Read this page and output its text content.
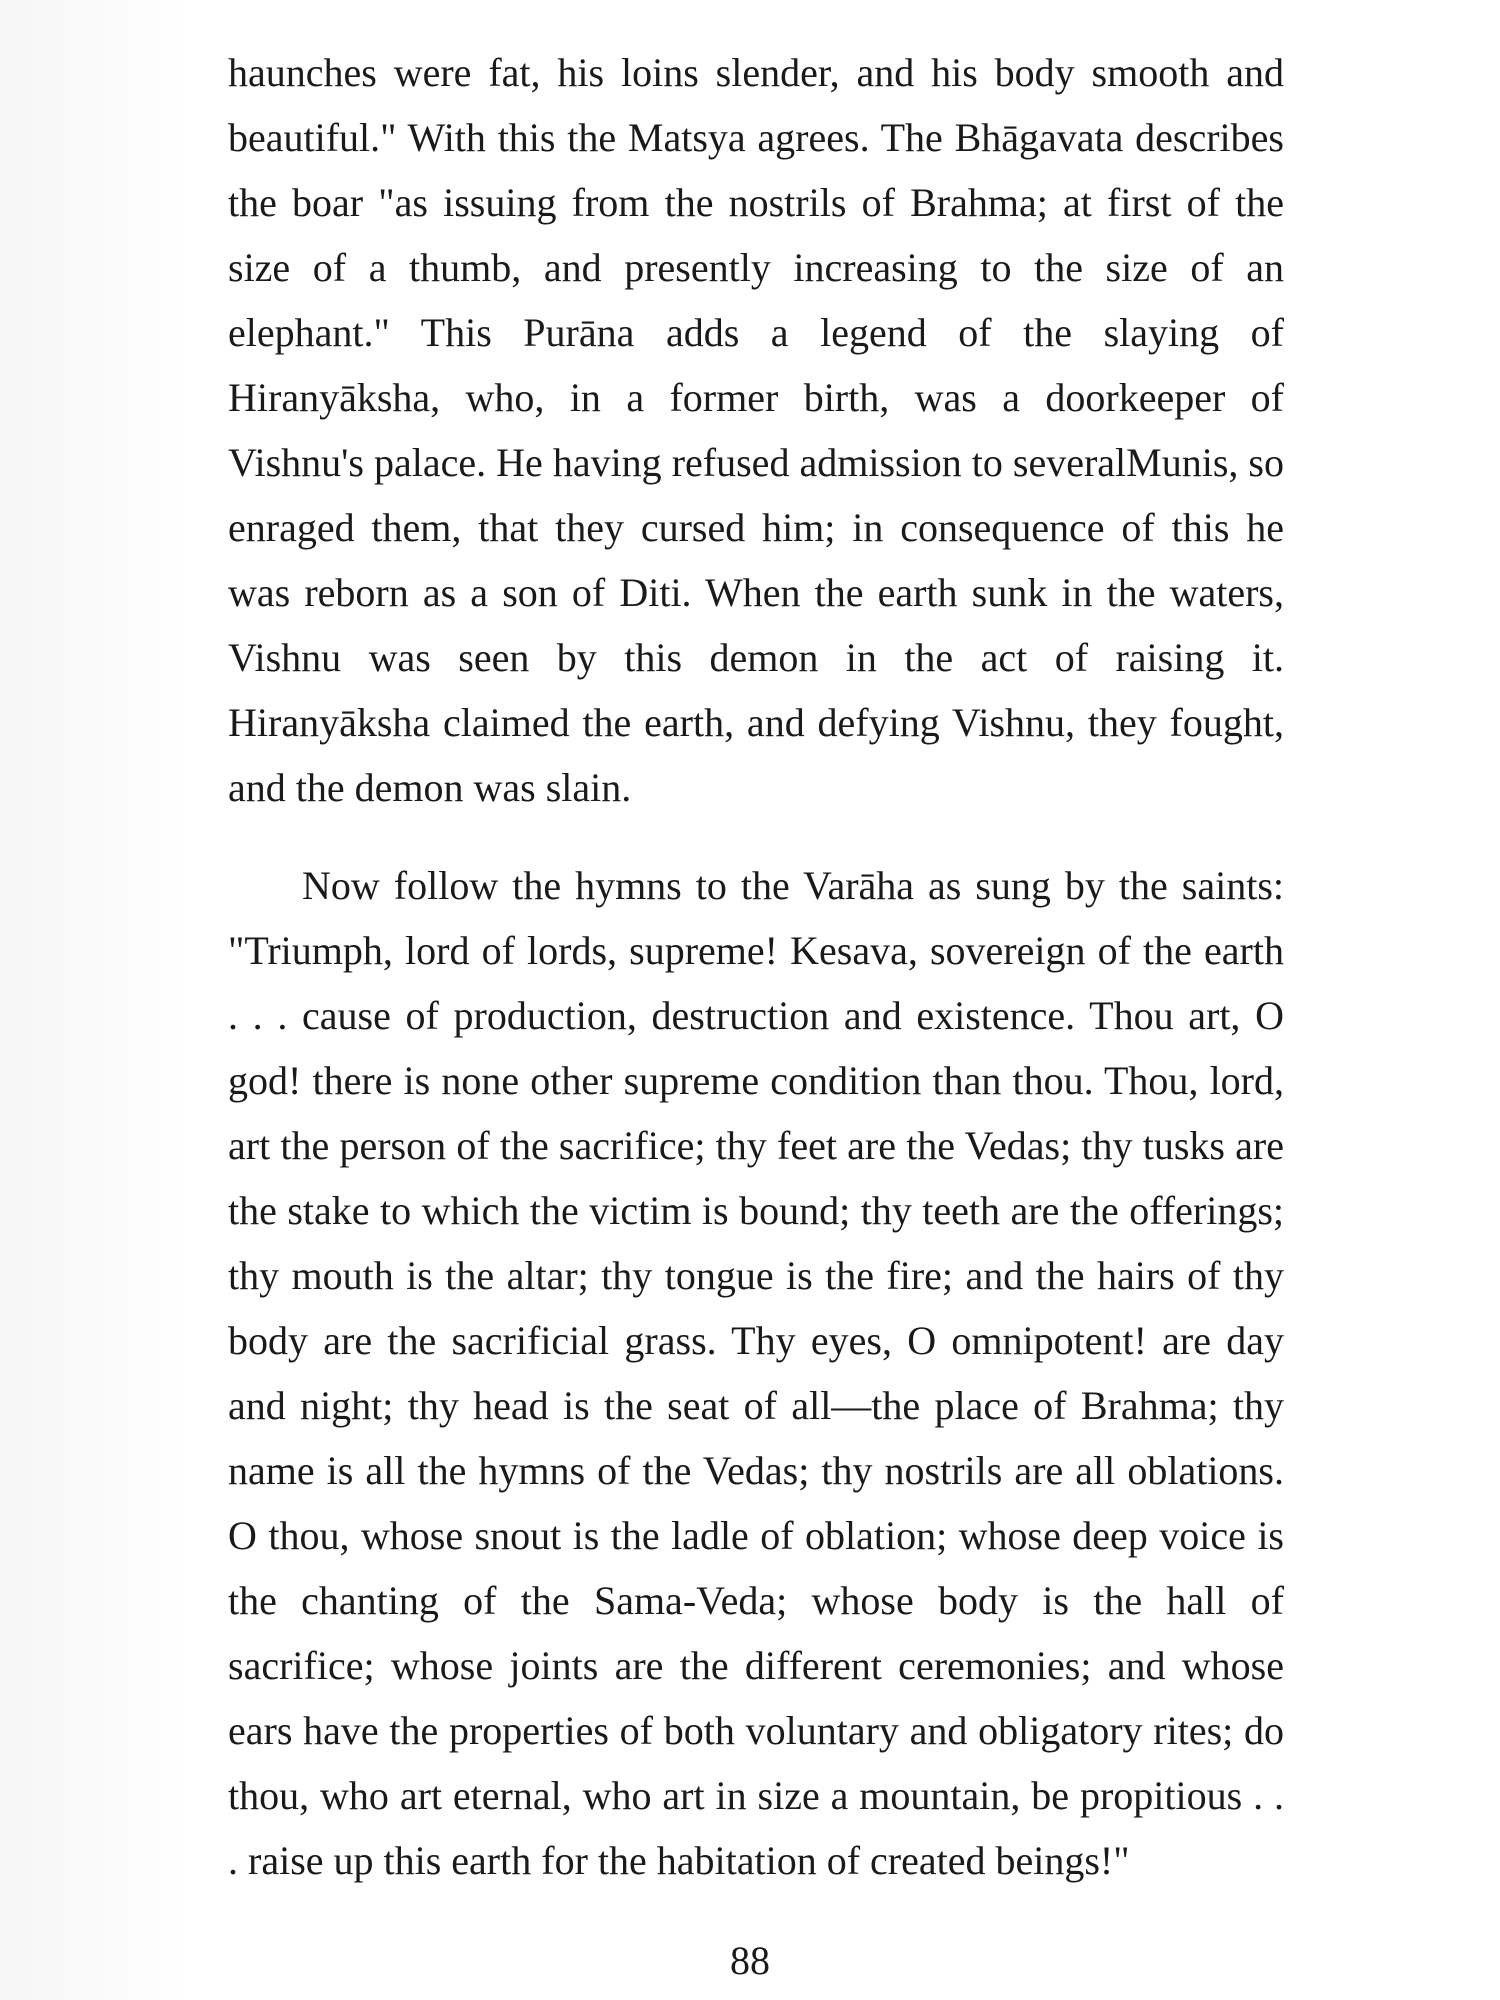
haunches were fat, his loins slender, and his body smooth and beautiful." With this the Matsya agrees. The Bhāgavata describes the boar "as issuing from the nostrils of Brahma; at first of the size of a thumb, and presently increasing to the size of an elephant." This Purāna adds a legend of the slaying of Hiranyāksha, who, in a former birth, was a doorkeeper of Vishnu's palace. He having refused admission to severalMunis, so enraged them, that they cursed him; in consequence of this he was reborn as a son of Diti. When the earth sunk in the waters, Vishnu was seen by this demon in the act of raising it. Hiranyāksha claimed the earth, and defying Vishnu, they fought, and the demon was slain.

Now follow the hymns to the Varāha as sung by the saints: "Triumph, lord of lords, supreme! Kesava, sovereign of the earth . . . cause of production, destruction and existence. Thou art, O god! there is none other supreme condition than thou. Thou, lord, art the person of the sacrifice; thy feet are the Vedas; thy tusks are the stake to which the victim is bound; thy teeth are the offerings; thy mouth is the altar; thy tongue is the fire; and the hairs of thy body are the sacrificial grass. Thy eyes, O omnipotent! are day and night; thy head is the seat of all—the place of Brahma; thy name is all the hymns of the Vedas; thy nostrils are all oblations. O thou, whose snout is the ladle of oblation; whose deep voice is the chanting of the Sama-Veda; whose body is the hall of sacrifice; whose joints are the different ceremonies; and whose ears have the properties of both voluntary and obligatory rites; do thou, who art eternal, who art in size a mountain, be propitious . . . raise up this earth for the habitation of created beings!"

88
